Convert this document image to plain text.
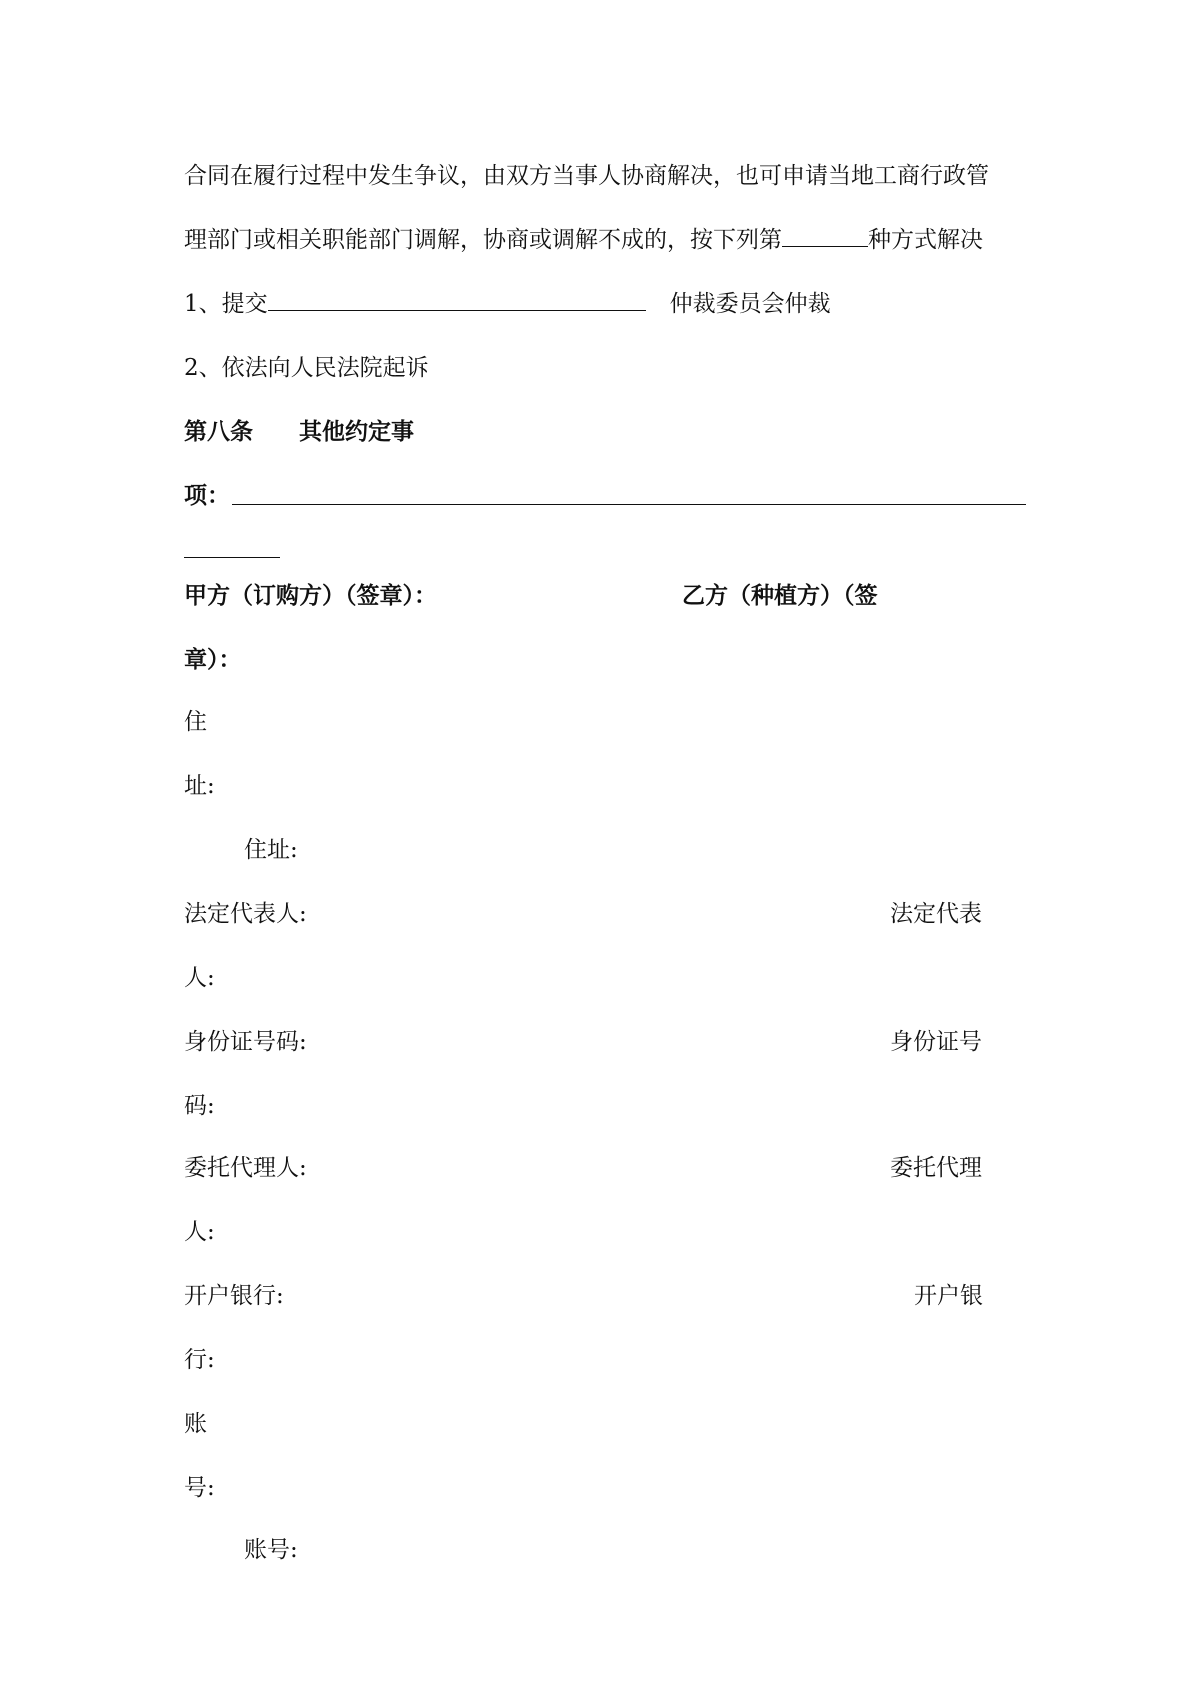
合同在履行过程中发生争议，由双方当事人协商解决，也可申请当地工商行政管
理部门或相关职能部门调解，协商或调解不成的，按下列第	种方式解决
1、提交	仲裁委员会仲裁
2、依法向人民法院起诉
第八条　　其他约定事
项：
甲方（订购方）（签章）：	乙方（种植方）（签
章）：
住
址:
住址:
法定代表人:	法定代表
人:
身份证号码:	身份证号
码:
委托代理人:	委托代理
人:
开户银行:	开户银
行:
账
号:
账号:
